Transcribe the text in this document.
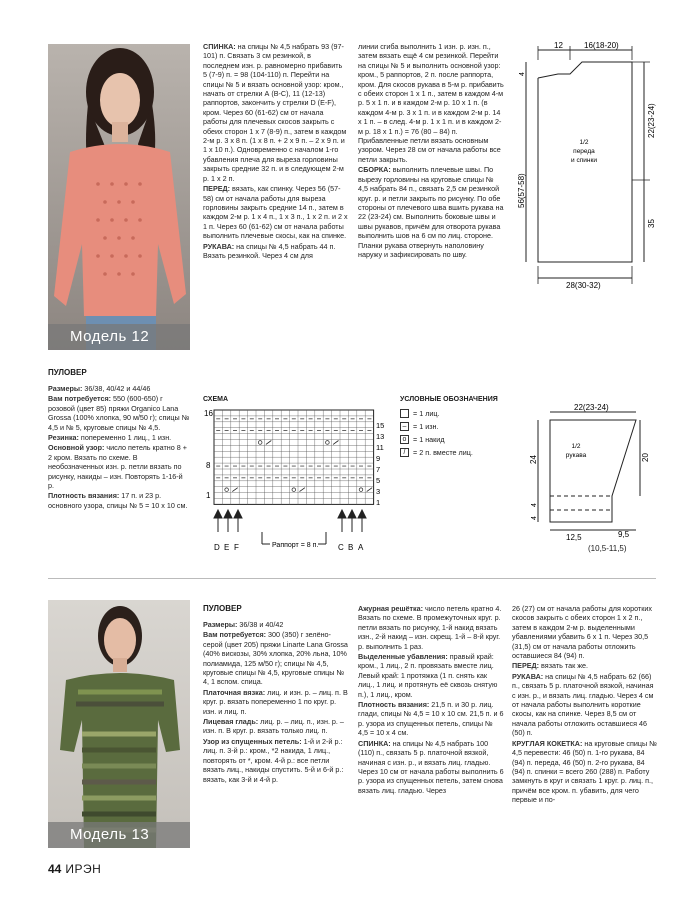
Модель 12

СПИНКА: на спицы № 4,5 набрать 93 (97-101) п. Связать 3 см резинкой, в последнем изн. р. равномерно прибавить 5 (7-9) п. = 98 (104-110) п. Перейти на спицы № 5 и вязать основной узор: кром., начать от стрелки А (В-С), 11 (12-13) раппортов, закончить у стрелки D (E-F), кром. Через 60 (61-62) см от начала работы для плечевых скосов закрыть с обеих сторон 1 х 7 (8-9) п., затем в каждом 2-м р. 3 х 8 п. (1 х 8 п. + 2 х 9 п. – 2 х 9 п. и 1 х 10 п.). Одновременно с началом 1-го убавления плеча для выреза горловины закрыть средние 32 п. и в следующем 2-м р. 1 х 2 п.

ПЕРЕД: вязать, как спинку. Через 56 (57-58) см от начала работы для выреза горловины закрыть средние 14 п., затем в каждом 2-м р. 1 х 4 п., 1 х 3 п., 1 х 2 п. и 2 х 1 п. Через 60 (61-62) см от начала работы выполнить плечевые скосы, как на спинке.

РУКАВА: на спицы № 4,5 набрать 44 п. Вязать резинкой. Через 4 см для

линии сгиба выполнить 1 изн. р. изн. п., затем вязать ещё 4 см резинкой. Перейти на спицы № 5 и выполнить основной узор: кром., 5 раппортов, 2 п. после раппорта, кром. Для скосов рукава в 5-м р. прибавить с обеих сторон 1 х 1 п., затем в каждом 4-м р. 5 х 1 п. и в каждом 2-м р. 10 х 1 п. (в каждом 4-м р. 3 х 1 п. и в каждом 2-м р. 14 х 1 п. – в след. 4-м р. 1 х 1 п. и в каждом 2-м р. 18 х 1 п.) = 76 (80 – 84) п. Прибавленные петли вязать основным узором. Через 28 см от начала работы все петли закрыть.

СБОРКА: выполнить плечевые швы. По вырезу горловины на круговые спицы № 4,5 набрать 84 п., связать 2,5 см резинкой круг. р. и петли закрыть по рисунку. По обе стороны от плечевого шва вшить рукава на 22 (23-24) см. Выполнить боковые швы и швы рукавов, причём для отворота рукава выполнить шов на 6 см по лиц. стороне. Планки рукава отвернуть наполовину наружу и зафиксировать по шву.

12	16(18-20)
4
22(23-24)
56(57-58)
35
28(30-32)
1/2
переда
и спинки
ПУЛОВЕР

Размеры: 36/38, 40/42 и 44/46

Вам потребуется: 550 (600-650) г розовой (цвет 85) пряжи Organico Lana Grossa (100% хлопка, 90 м/50 г); спицы № 4,5 и № 5, круговые спицы № 4,5.

Резинка: попеременно 1 лиц., 1 изн.

Основной узор: число петель кратно 8 + 2 кром. Вязать по схеме. В необозначенных изн. р. петли вязать по рисунку, накиды – изн. Повторять 1-16-й р.

Плотность вязания: 17 п. и 23 р. основного узора, спицы № 5 = 10 х 10 см.

СХЕМА
16
8
1
15
13
11
9
7
5
3
1
D E F	C B A
Раппорт = 8 п.
УСЛОВНЫЕ ОБОЗНАЧЕНИЯ
= 1 лиц.
– = 1 изн.
o = 1 накид
/	= 2 п. вместе лиц.
22(23-24)
1/2
рукава
24	20
4
4
12,5	9,5
(10,5-11,5)
Модель 13
ПУЛОВЕР

Размеры: 36/38 и 40/42

Вам потребуется: 300 (350) г зелёно-серой (цвет 205) пряжи Linarte Lana Grossa (40% вискозы, 30% хлопка, 20% льна, 10% полиамида, 125 м/50 г); спицы № 4,5, круговые спицы № 4,5, круговые спицы № 4, 1 вспом. спица.

Платочная вязка: лиц. и изн. р. – лиц. п. В круг. р. вязать попеременно 1 по круг. р. изн. и лиц. п.

Лицевая гладь: лиц. р. – лиц. п., изн. р. – изн. п. В круг. р. вязать только лиц. п.

Узор из спущенных петель: 1-й и 2-й р.: лиц. п. 3-й р.: кром., *2 накида, 1 лиц., повторять от *, кром. 4-й р.: все петли вязать лиц., накиды спустить. 5-й и 6-й р.: вязать, как 3-й и 4-й р.

Ажурная решётка: число петель кратно 4. Вязать по схеме. В промежуточных круг. р. петли вязать по рисунку, 1-й накид вязать изн., 2-й накид – изн. скрещ. 1-й – 8-й круг. р. выполнить 1 раз.

Выделенные убавления: правый край: кром., 1 лиц., 2 п. провязать вместе лиц. Левый край: 1 протяжка (1 п. снять как лиц., 1 лиц. и протянуть её сквозь снятую п.), 1 лиц., кром.

Плотность вязания: 21,5 п. и 30 р. лиц. глади, спицы № 4,5 = 10 х 10 см. 21,5 п. и 6 р. узора из спущенных петель, спицы № 4,5 = 10 х 4 см.

СПИНКА: на спицы № 4,5 набрать 100 (110) п., связать 5 р. платочной вязкой, начиная с изн. р., и вязать лиц. гладью. Через 10 см от начала работы выполнить 6 р. узора из спущенных петель, затем снова вязать лиц. гладью. Через

26 (27) см от начала работы для коротких скосов закрыть с обеих сторон 1 х 2 п., затем в каждом 2-м р. выделенными убавлениями убавить 6 х 1 п. Через 30,5 (31,5) см от начала работы отложить оставшиеся 84 (94) п.

ПЕРЕД: вязать так же.

РУКАВА: на спицы № 4,5 набрать 62 (66) п., связать 5 р. платочной вязкой, начиная с изн. р., и вязать лиц. гладью. Через 4 см от начала работы выполнить короткие скосы, как на спинке. Через 8,5 см от начала работы отложить оставшиеся 46 (50) п.

КРУГЛАЯ КОКЕТКА: на круговые спицы № 4,5 перевести: 46 (50) п. 1-го рукава, 84 (94) п. переда, 46 (50) п. 2-го рукава, 84 (94) п. спинки = всего 260 (288) п. Работу замкнуть в круг и связать 1 круг. р. лиц. п., причём все кром. п. убавить, для чего первые и по-

44 ИРЭН
